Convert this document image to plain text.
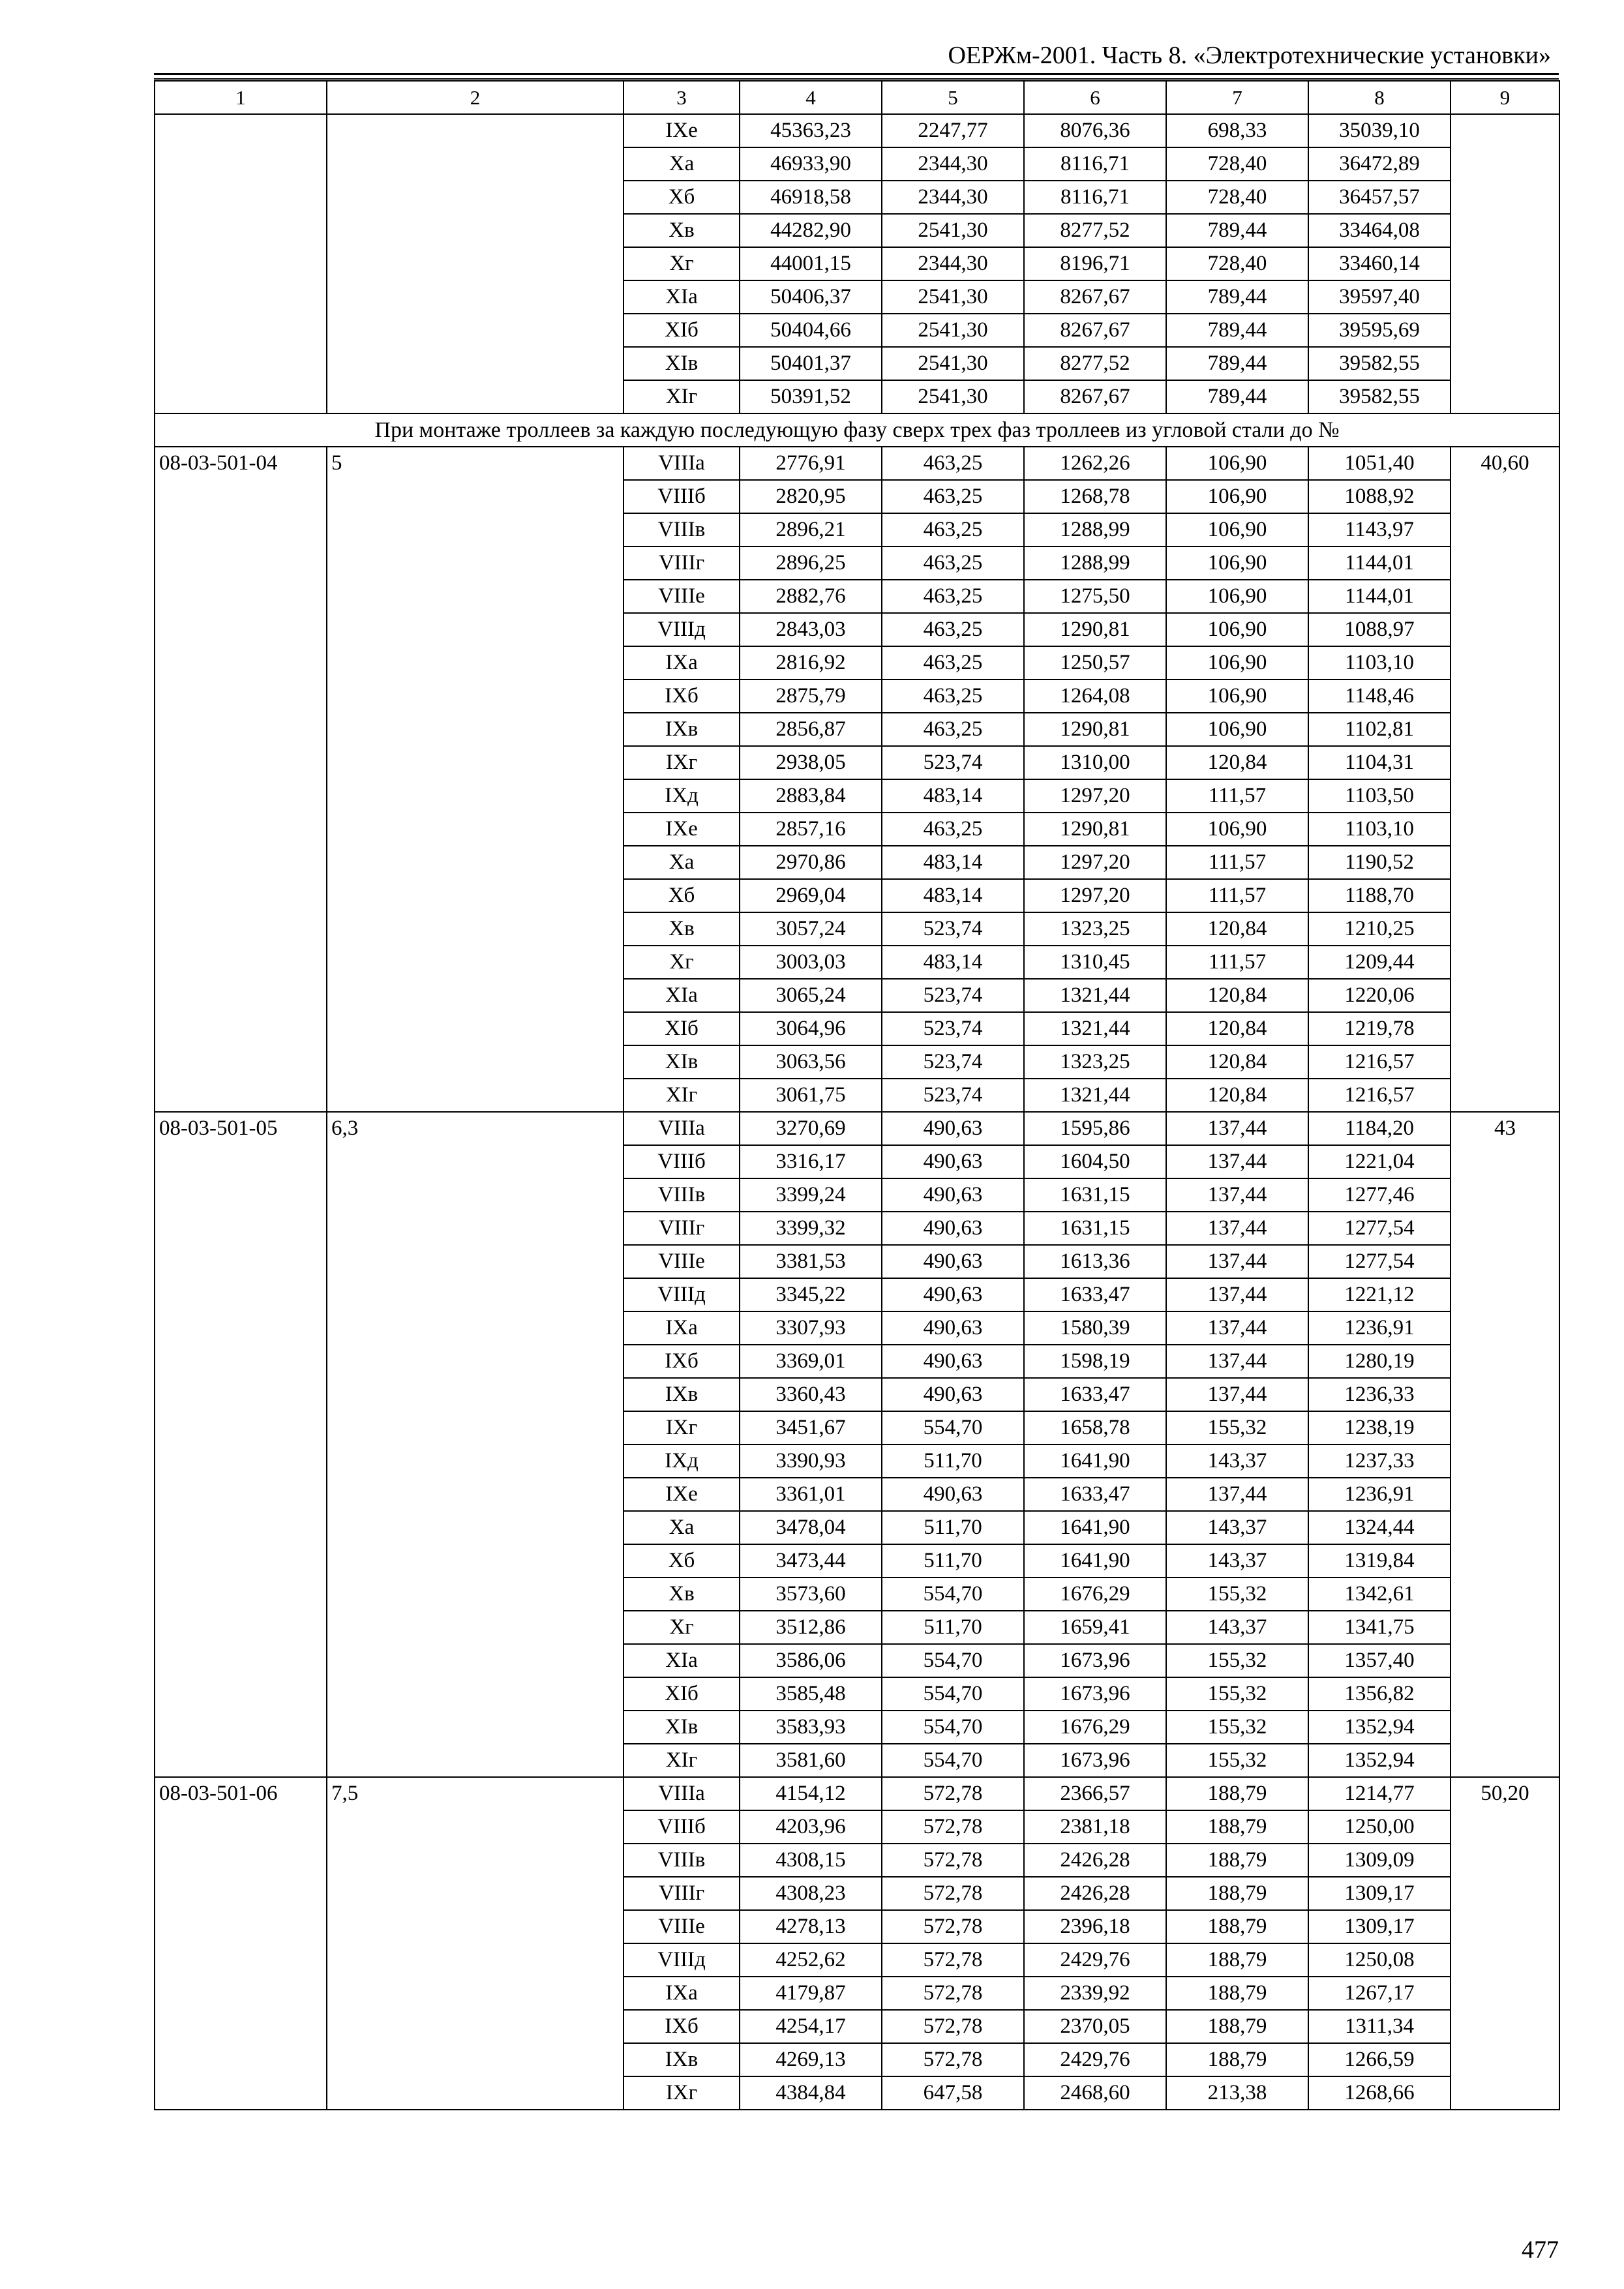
ОЕРЖм-2001. Часть 8. «Электротехнические установки»
1	2	3	4	5	6	7	8	9
		IXe	45363,23	2247,77	8076,36	698,33	35039,10	
		Xa	46933,90	2344,30	8116,71	728,40	36472,89	
		Xб	46918,58	2344,30	8116,71	728,40	36457,57	
		Xв	44282,90	2541,30	8277,52	789,44	33464,08	
		Xг	44001,15	2344,30	8196,71	728,40	33460,14	
		XIa	50406,37	2541,30	8267,67	789,44	39597,40	
		XIб	50404,66	2541,30	8267,67	789,44	39595,69	
		XIв	50401,37	2541,30	8277,52	789,44	39582,55	
		XIг	50391,52	2541,30	8267,67	789,44	39582,55	
При монтаже троллеев за каждую последующую фазу сверх трех фаз троллеев из угловой стали до №								
08-03-501-04	5	VIIIa	2776,91	463,25	1262,26	106,90	1051,40	40,60
		VIIIб	2820,95	463,25	1268,78	106,90	1088,92	
		VIIIв	2896,21	463,25	1288,99	106,90	1143,97	
		VIIIг	2896,25	463,25	1288,99	106,90	1144,01	
		VIIIe	2882,76	463,25	1275,50	106,90	1144,01	
		VIIIд	2843,03	463,25	1290,81	106,90	1088,97	
		IXa	2816,92	463,25	1250,57	106,90	1103,10	
		IXб	2875,79	463,25	1264,08	106,90	1148,46	
		IXв	2856,87	463,25	1290,81	106,90	1102,81	
		IXг	2938,05	523,74	1310,00	120,84	1104,31	
		IXд	2883,84	483,14	1297,20	111,57	1103,50	
		IXe	2857,16	463,25	1290,81	106,90	1103,10	
		Xa	2970,86	483,14	1297,20	111,57	1190,52	
		Xб	2969,04	483,14	1297,20	111,57	1188,70	
		Xв	3057,24	523,74	1323,25	120,84	1210,25	
		Xг	3003,03	483,14	1310,45	111,57	1209,44	
		XIa	3065,24	523,74	1321,44	120,84	1220,06	
		XIб	3064,96	523,74	1321,44	120,84	1219,78	
		XIв	3063,56	523,74	1323,25	120,84	1216,57	
		XIг	3061,75	523,74	1321,44	120,84	1216,57	
08-03-501-05	6,3	VIIIa	3270,69	490,63	1595,86	137,44	1184,20	43
		VIIIб	3316,17	490,63	1604,50	137,44	1221,04	
		VIIIв	3399,24	490,63	1631,15	137,44	1277,46	
		VIIIг	3399,32	490,63	1631,15	137,44	1277,54	
		VIIIe	3381,53	490,63	1613,36	137,44	1277,54	
		VIIIд	3345,22	490,63	1633,47	137,44	1221,12	
		IXa	3307,93	490,63	1580,39	137,44	1236,91	
		IXб	3369,01	490,63	1598,19	137,44	1280,19	
		IXв	3360,43	490,63	1633,47	137,44	1236,33	
		IXг	3451,67	554,70	1658,78	155,32	1238,19	
		IXд	3390,93	511,70	1641,90	143,37	1237,33	
		IXe	3361,01	490,63	1633,47	137,44	1236,91	
		Xa	3478,04	511,70	1641,90	143,37	1324,44	
		Xб	3473,44	511,70	1641,90	143,37	1319,84	
		Xв	3573,60	554,70	1676,29	155,32	1342,61	
		Xг	3512,86	511,70	1659,41	143,37	1341,75	
		XIa	3586,06	554,70	1673,96	155,32	1357,40	
		XIб	3585,48	554,70	1673,96	155,32	1356,82	
		XIв	3583,93	554,70	1676,29	155,32	1352,94	
		XIг	3581,60	554,70	1673,96	155,32	1352,94	
08-03-501-06	7,5	VIIIa	4154,12	572,78	2366,57	188,79	1214,77	50,20
		VIIIб	4203,96	572,78	2381,18	188,79	1250,00	
		VIIIв	4308,15	572,78	2426,28	188,79	1309,09	
		VIIIг	4308,23	572,78	2426,28	188,79	1309,17	
		VIIIe	4278,13	572,78	2396,18	188,79	1309,17	
		VIIIд	4252,62	572,78	2429,76	188,79	1250,08	
		IXa	4179,87	572,78	2339,92	188,79	1267,17	
		IXб	4254,17	572,78	2370,05	188,79	1311,34	
		IXв	4269,13	572,78	2429,76	188,79	1266,59	
		IXг	4384,84	647,58	2468,60	213,38	1268,66	
477
